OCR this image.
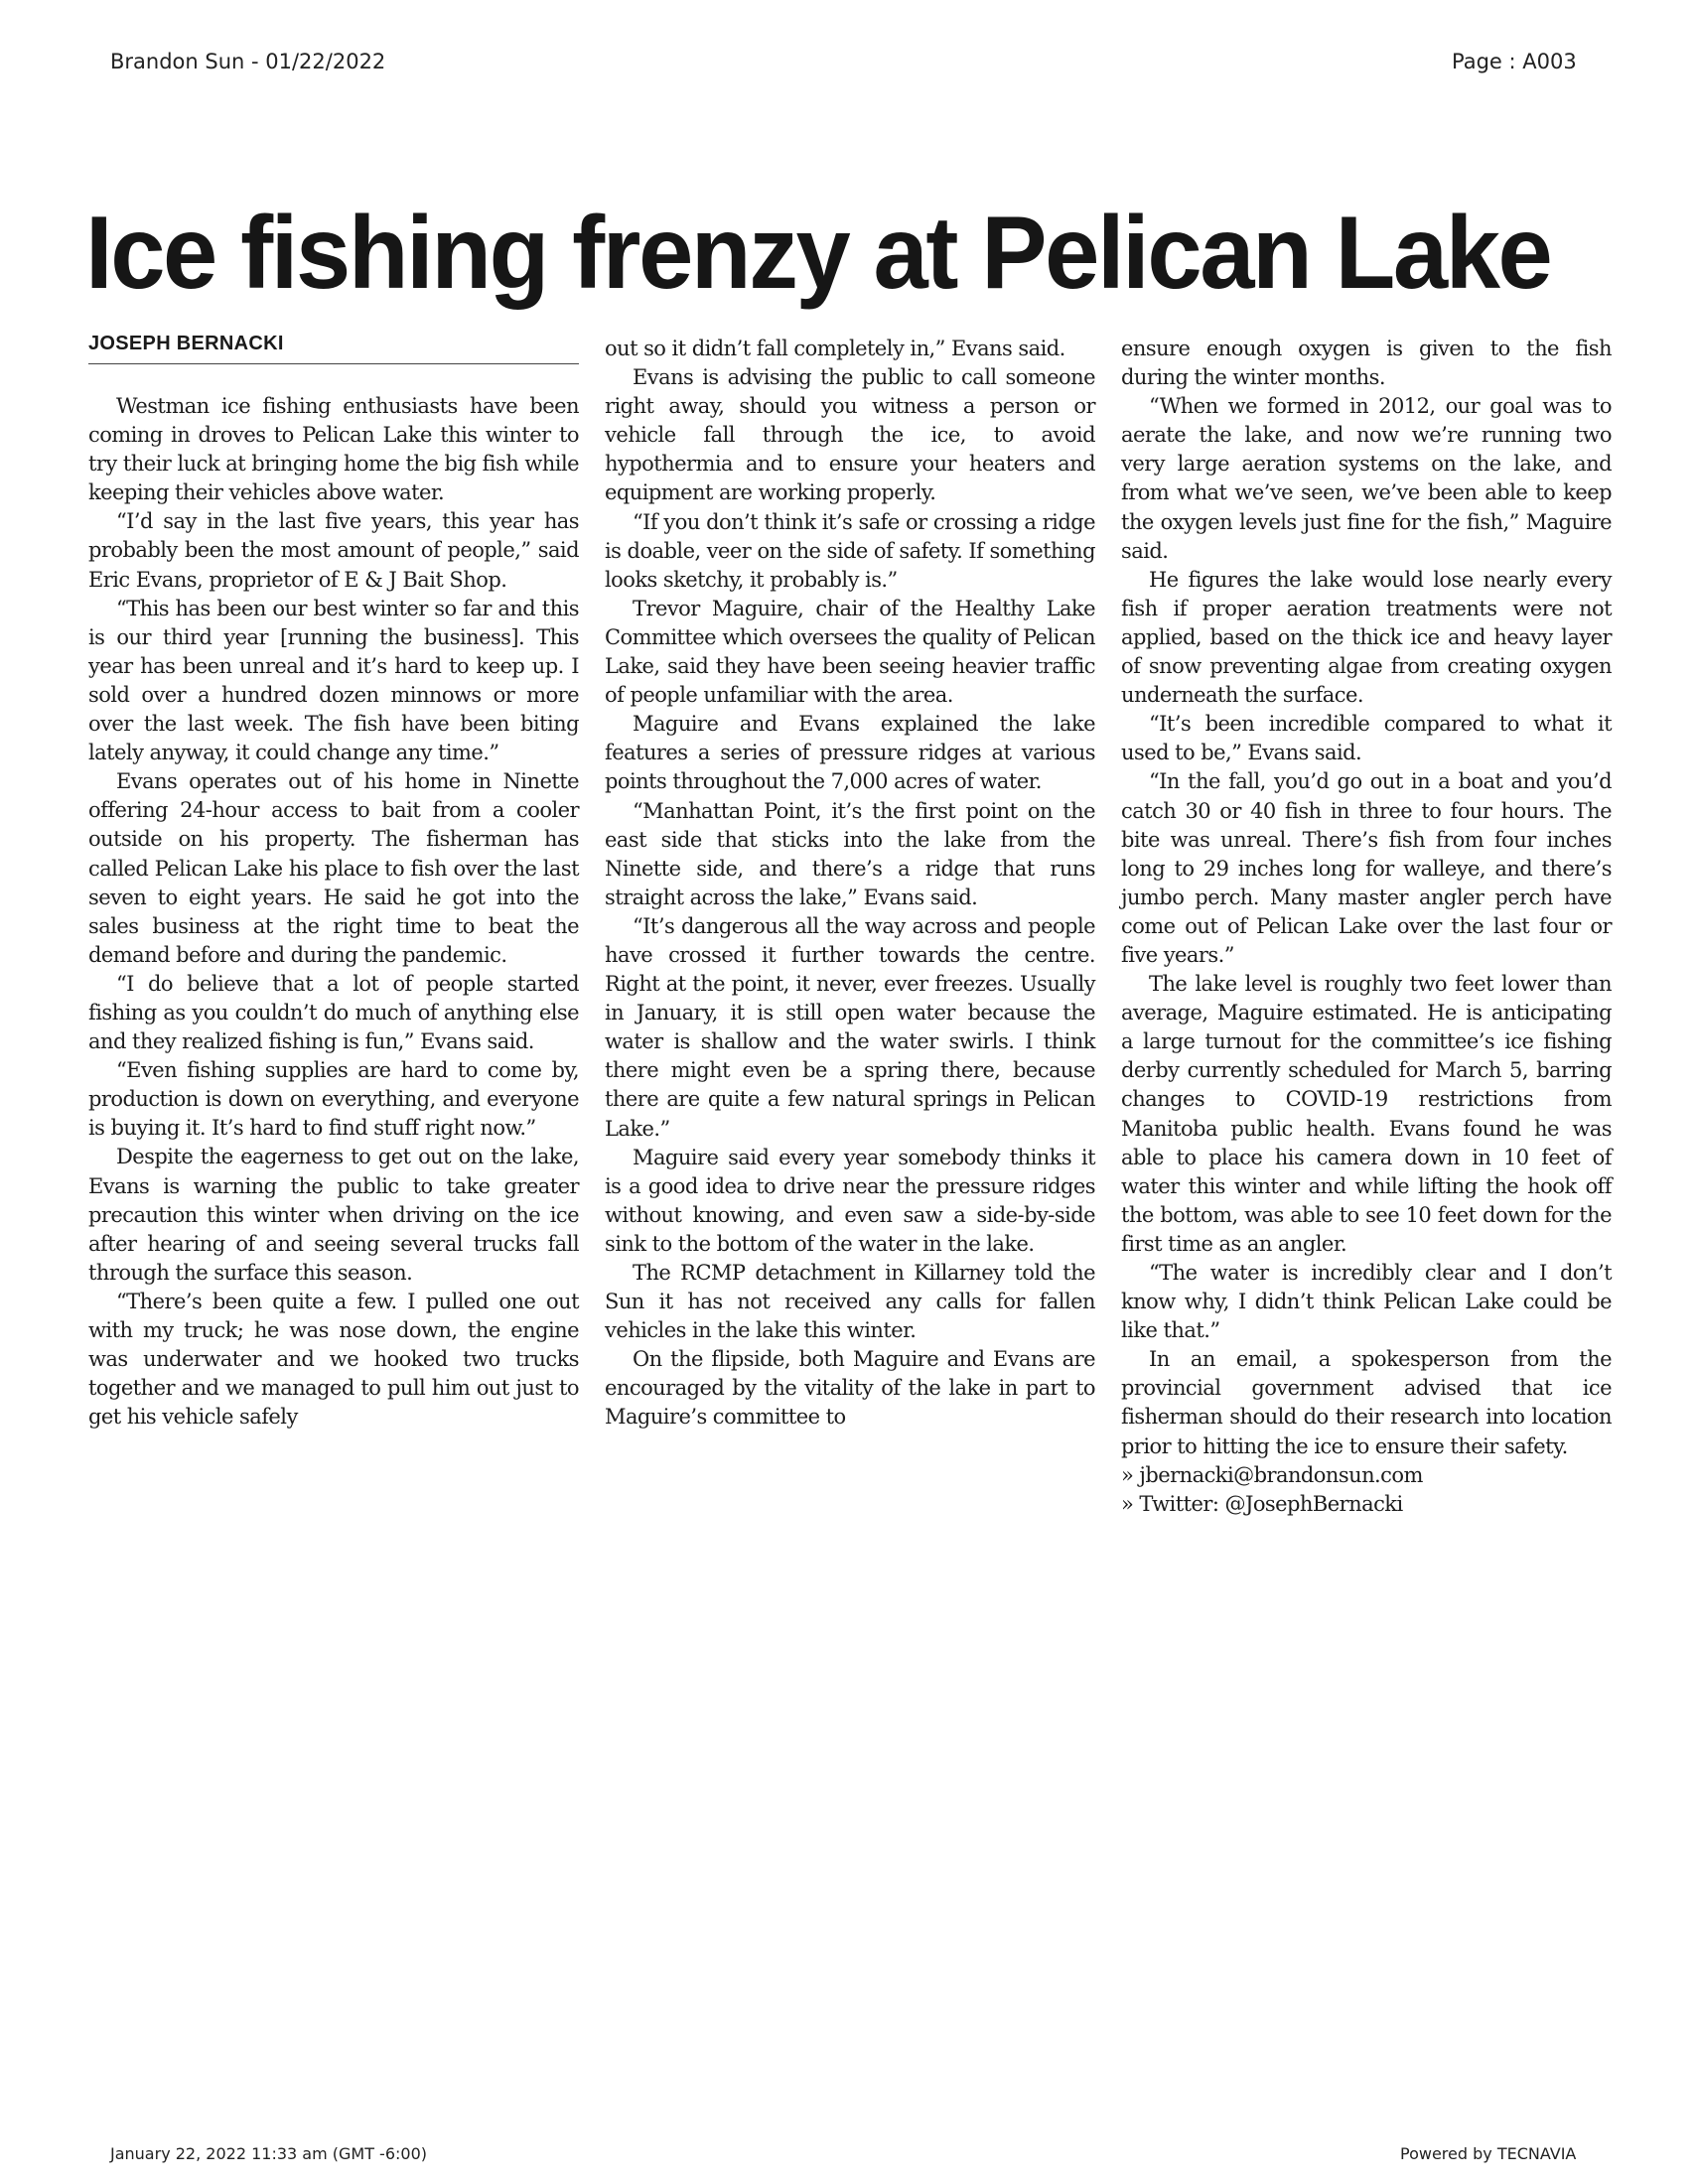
Brandon Sun - 01/22/2022	Page : A003
Ice fishing frenzy at Pelican Lake
JOSEPH BERNACKI

Westman ice fishing enthusiasts have been coming in droves to Pelican Lake this winter to try their luck at bringing home the big fish while keeping their vehicles above water.

“I’d say in the last five years, this year has probably been the most amount of people,” said Eric Evans, proprietor of E & J Bait Shop.

“This has been our best winter so far and this is our third year [running the business]. This year has been unreal and it’s hard to keep up. I sold over a hundred dozen minnows or more over the last week. The fish have been biting lately anyway, it could change any time.”

Evans operates out of his home in Ninette offering 24-hour access to bait from a cooler outside on his property. The fisherman has called Pelican Lake his place to fish over the last seven to eight years. He said he got into the sales business at the right time to beat the demand before and during the pandemic.

“I do believe that a lot of people started fishing as you couldn’t do much of anything else and they realized fishing is fun,” Evans said.

“Even fishing supplies are hard to come by, production is down on everything, and everyone is buying it. It’s hard to find stuff right now.”

Despite the eagerness to get out on the lake, Evans is warning the public to take greater precaution this winter when driving on the ice after hearing of and seeing several trucks fall through the surface this season.

“There’s been quite a few. I pulled one out with my truck; he was nose down, the engine was underwater and we hooked two trucks together and we managed to pull him out just to get his vehicle safely

out so it didn’t fall completely in,” Evans said.

Evans is advising the public to call someone right away, should you witness a person or vehicle fall through the ice, to avoid hypothermia and to ensure your heaters and equipment are working properly.

“If you don’t think it’s safe or crossing a ridge is doable, veer on the side of safety. If something looks sketchy, it probably is.”

Trevor Maguire, chair of the Healthy Lake Committee which oversees the quality of Pelican Lake, said they have been seeing heavier traffic of people unfamiliar with the area.

Maguire and Evans explained the lake features a series of pressure ridges at various points throughout the 7,000 acres of water.

“Manhattan Point, it’s the first point on the east side that sticks into the lake from the Ninette side, and there’s a ridge that runs straight across the lake,” Evans said.

“It’s dangerous all the way across and people have crossed it further towards the centre. Right at the point, it never, ever freezes. Usually in January, it is still open water because the water is shallow and the water swirls. I think there might even be a spring there, because there are quite a few natural springs in Pelican Lake.”

Maguire said every year somebody thinks it is a good idea to drive near the pressure ridges without knowing, and even saw a side-by-side sink to the bottom of the water in the lake.

The RCMP detachment in Killarney told the Sun it has not received any calls for fallen vehicles in the lake this winter.

On the flipside, both Maguire and Evans are encouraged by the vitality of the lake in part to Maguire’s committee to

ensure enough oxygen is given to the fish during the winter months.

“When we formed in 2012, our goal was to aerate the lake, and now we’re running two very large aeration systems on the lake, and from what we’ve seen, we’ve been able to keep the oxygen levels just fine for the fish,” Maguire said.

He figures the lake would lose nearly every fish if proper aeration treatments were not applied, based on the thick ice and heavy layer of snow preventing algae from creating oxygen underneath the surface.

“It’s been incredible compared to what it used to be,” Evans said.

“In the fall, you’d go out in a boat and you’d catch 30 or 40 fish in three to four hours. The bite was unreal. There’s fish from four inches long to 29 inches long for walleye, and there’s jumbo perch. Many master angler perch have come out of Pelican Lake over the last four or five years.”

The lake level is roughly two feet lower than average, Maguire estimated. He is anticipating a large turnout for the committee’s ice fishing derby currently scheduled for March 5, barring changes to COVID-19 restrictions from Manitoba public health. Evans found he was able to place his camera down in 10 feet of water this winter and while lifting the hook off the bottom, was able to see 10 feet down for the first time as an angler.

“The water is incredibly clear and I don’t know why, I didn’t think Pelican Lake could be like that.”

In an email, a spokesperson from the provincial government advised that ice fisherman should do their research into location prior to hitting the ice to ensure their safety.

» jbernacki@brandonsun.com

» Twitter: @JosephBernacki

January 22, 2022 11:33 am (GMT -6:00)	Powered by TECNAVIA
